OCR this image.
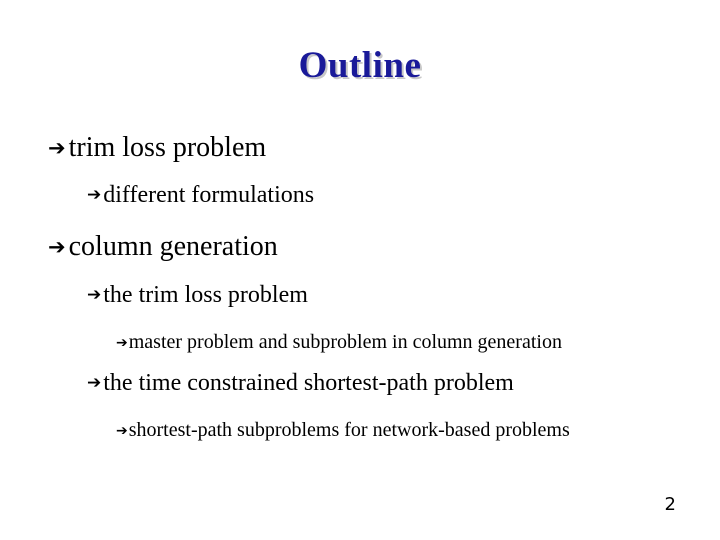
Outline
➔ trim loss problem
➔ different formulations
➔ column generation
➔ the trim loss problem
➔ master problem and subproblem in column generation
➔ the time constrained shortest-path problem
➔ shortest-path subproblems for network-based problems
2
